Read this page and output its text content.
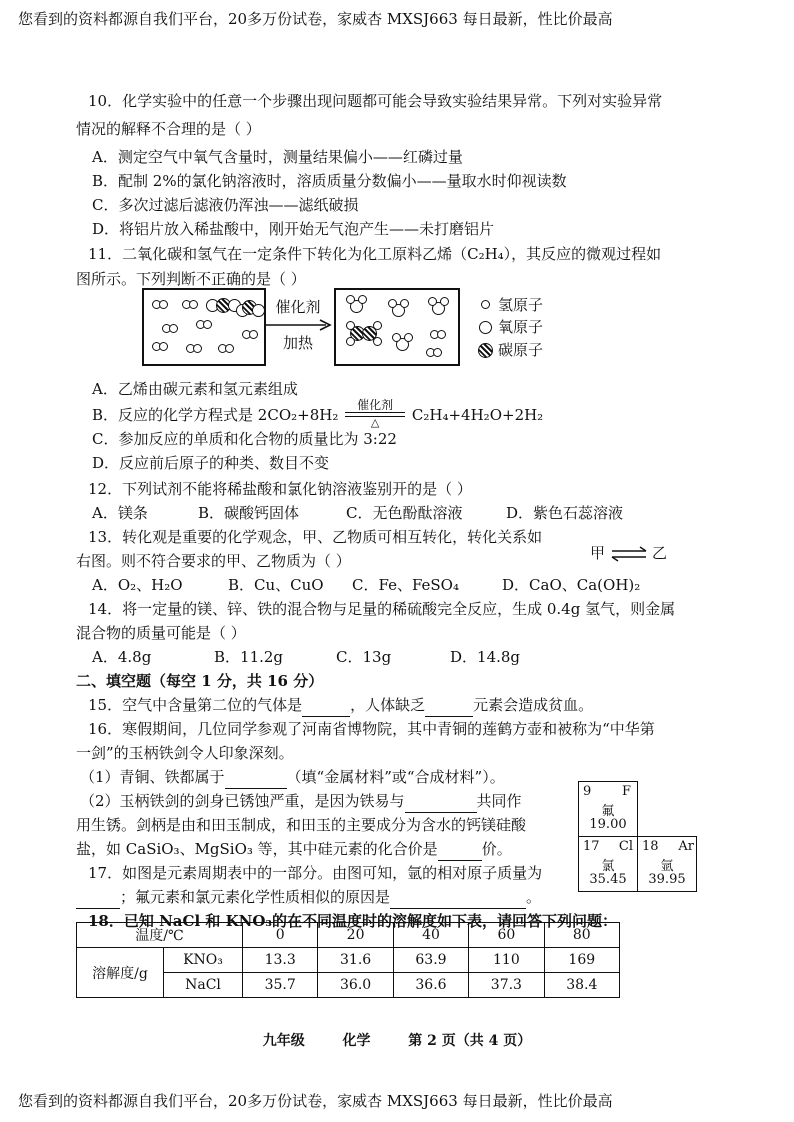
您看到的资料都源自我们平台，20多万份试卷，家威杏 MXSJ663 每日最新，性比价最高
您看到的资料都源自我们平台，20多万份试卷，家威杏 MXSJ663 每日最新，性比价最高
10．化学实验中的任意一个步骤出现问题都可能会导致实验结果异常。下列对实验异常
情况的解释不合理的是（ ）
A．测定空气中氧气含量时，测量结果偏小——红磷过量
B．配制 2%的氯化钠溶液时，溶质质量分数偏小——量取水时仰视读数
C．多次过滤后滤液仍浑浊——滤纸破损
D．将铝片放入稀盐酸中，刚开始无气泡产生——未打磨铝片
11．二氧化碳和氢气在一定条件下转化为化工原料乙烯（C₂H₄），其反应的微观过程如
图所示。下列判断不正确的是（ ）
催化剂
加热
氢原子
氧原子
碳原子
A．乙烯由碳元素和氢元素组成
B．反应的化学方程式是 2CO₂+8H₂
催化剂
△	C₂H₄+4H₂O+2H₂
C．参加反应的单质和化合物的质量比为 3:22
D．反应前后原子的种类、数目不变
12．下列试剂不能将稀盐酸和氯化钠溶液鉴别开的是（ ）
A．镁条	B．碳酸钙固体	C．无色酚酞溶液	D．紫色石蕊溶液
13．转化观是重要的化学观念，甲、乙物质可相互转化，转化关系如
右图。则不符合要求的甲、乙物质为（ ）	甲	乙
A．O₂、H₂O	B．Cu、CuO C．Fe、FeSO₄	D．CaO、Ca(OH)₂
14．将一定量的镁、锌、铁的混合物与足量的稀硫酸完全反应，生成 0.4g 氢气，则金属
混合物的质量可能是（ ）
A．4.8g	B．11.2g	C．13g	D．14.8g
二、填空题（每空 1 分，共 16 分）
15．空气中含量第二位的气体是	，人体缺乏	元素会造成贫血。
16．寒假期间，几位同学参观了河南省博物院，其中青铜的莲鹤方壶和被称为“中华第
一剑”的玉柄铁剑令人印象深刻。
（1）青铜、铁都属于	（填“金属材料”或“合成材料”）。
（2）玉柄铁剑的剑身已锈蚀严重，是因为铁易与	共同作
用生锈。剑柄是由和田玉制成，和田玉的主要成分为含水的钙镁硅酸
盐，如 CaSiO₃、MgSiO₃ 等，其中硅元素的化合价是	价。
9 F
氟
19.00
17 Cl
氯
35.45
18 Ar
氩
39.95
17．如图是元素周期表中的一部分。由图可知，氩的相对原子质量为
；氟元素和氯元素化学性质相似的原因是	。
18．已知 NaCl 和 KNO₃的在不同温度时的溶解度如下表，请回答下列问题：
温度/℃		0	20	40	60	80
溶解度/g	KNO₃	13.3	31.6	63.9	110	169
	NaCl	35.7	36.0	36.6	37.3	38.4
九年级	化学	第 2 页（共 4 页）
